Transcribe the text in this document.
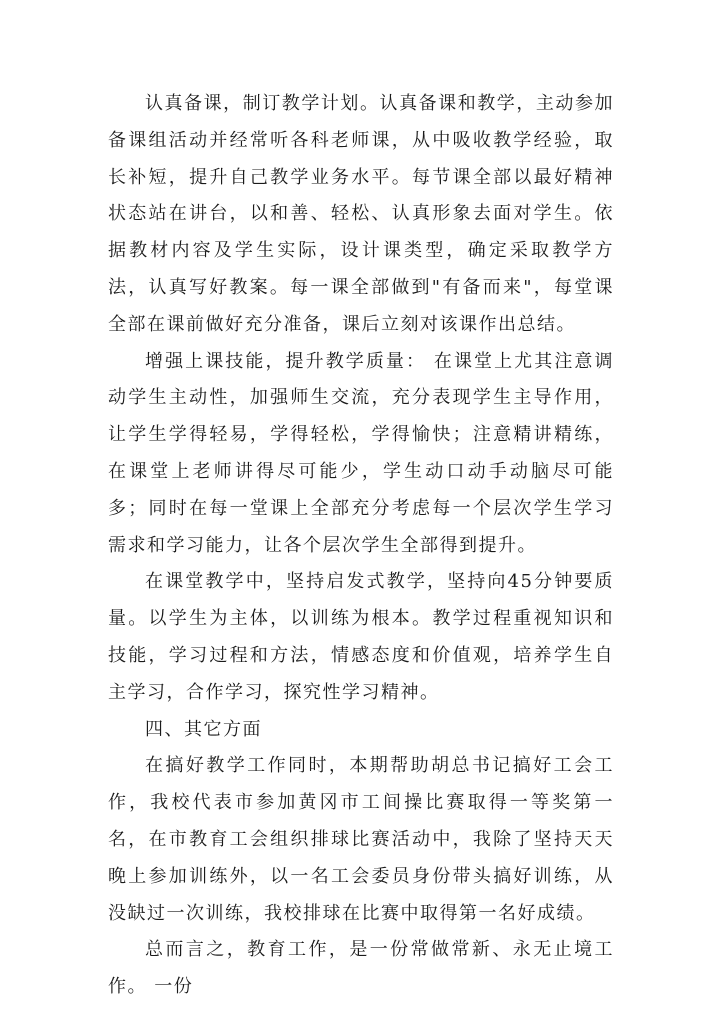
认真备课，制订教学计划。认真备课和教学，主动参加备课组活动并经常听各科老师课，从中吸收教学经验，取长补短，提升自己教学业务水平。每节课全部以最好精神状态站在讲台，以和善、轻松、认真形象去面对学生。依据教材内容及学生实际，设计课类型，确定采取教学方法，认真写好教案。每一课全部做到"有备而来"，每堂课全部在课前做好充分准备，课后立刻对该课作出总结。

增强上课技能，提升教学质量： 在课堂上尤其注意调动学生主动性，加强师生交流，充分表现学生主导作用，让学生学得轻易，学得轻松，学得愉快；注意精讲精练，在课堂上老师讲得尽可能少，学生动口动手动脑尽可能多；同时在每一堂课上全部充分考虑每一个层次学生学习需求和学习能力，让各个层次学生全部得到提升。

在课堂教学中，坚持启发式教学，坚持向45分钟要质量。以学生为主体，以训练为根本。教学过程重视知识和技能，学习过程和方法，情感态度和价值观，培养学生自主学习，合作学习，探究性学习精神。

四、其它方面

在搞好教学工作同时，本期帮助胡总书记搞好工会工作，我校代表市参加黄冈市工间操比赛取得一等奖第一名，在市教育工会组织排球比赛活动中，我除了坚持天天晚上参加训练外，以一名工会委员身份带头搞好训练，从没缺过一次训练，我校排球在比赛中取得第一名好成绩。

总而言之，教育工作，是一份常做常新、永无止境工作。 一份
